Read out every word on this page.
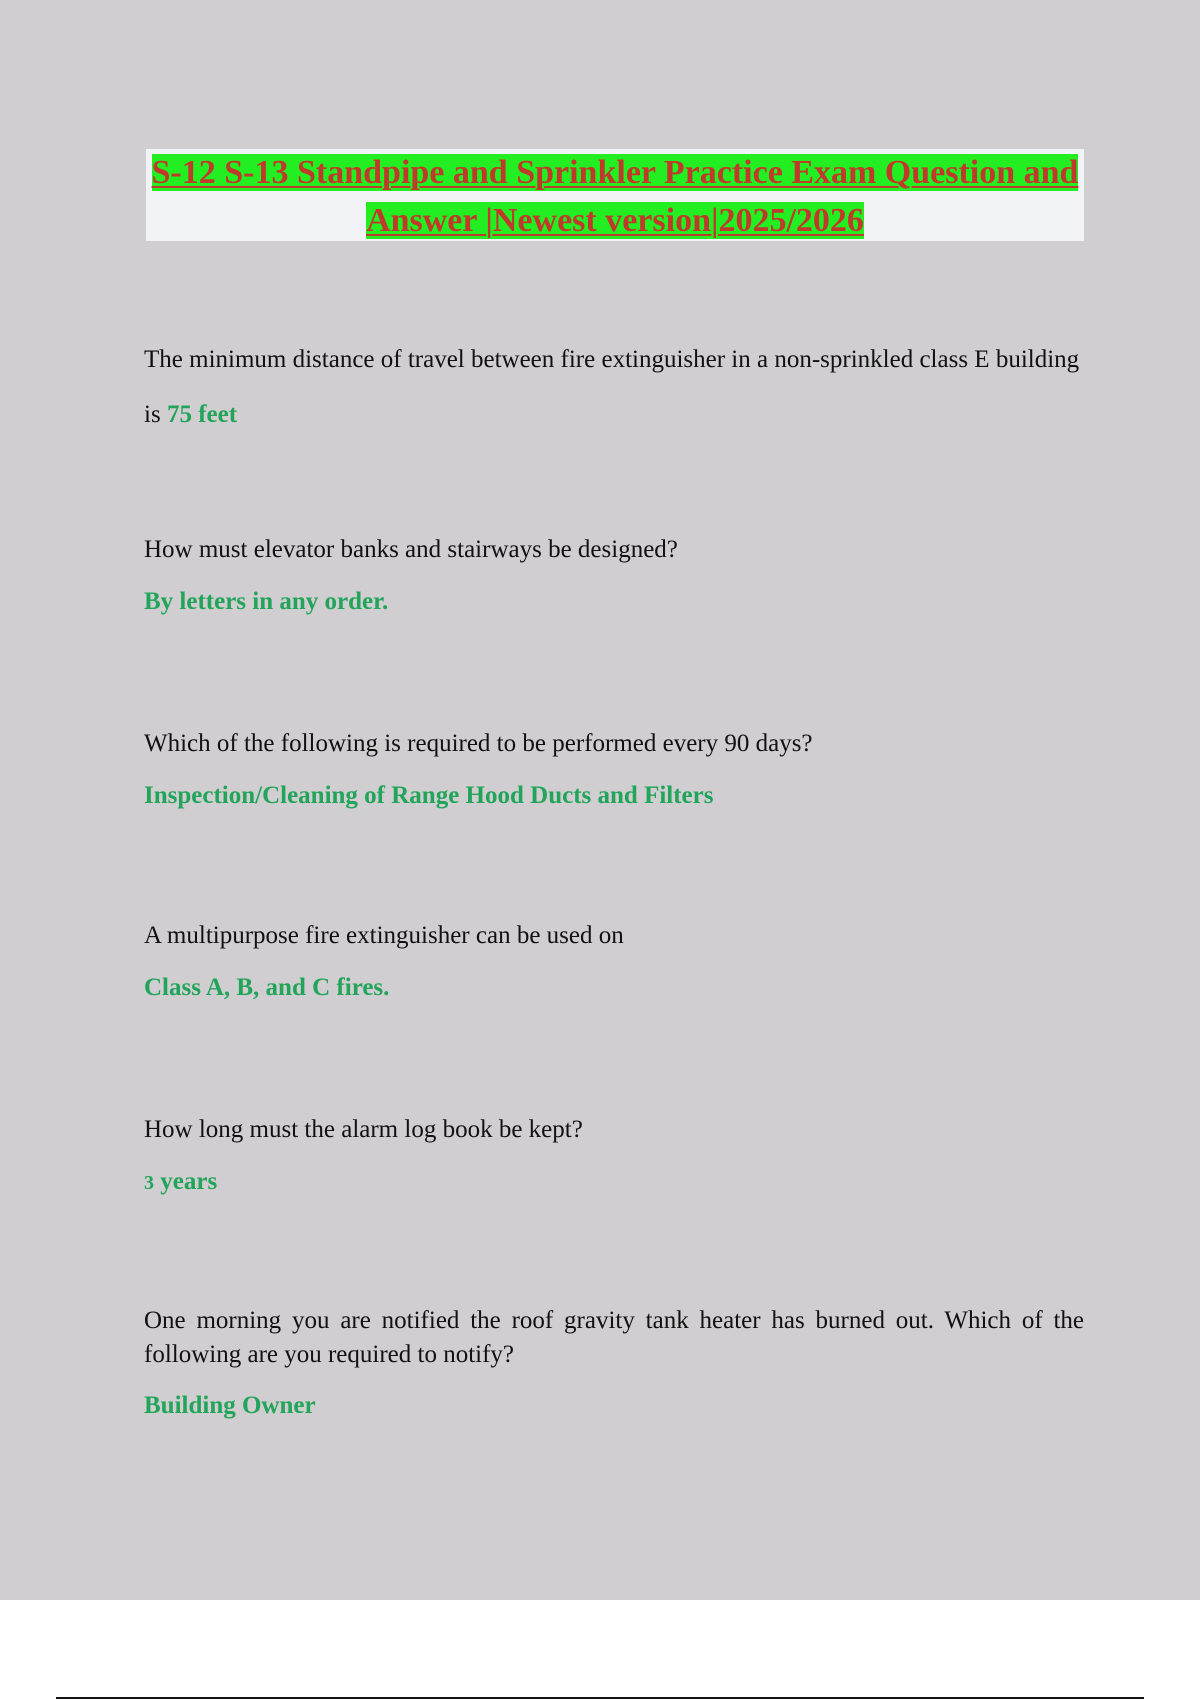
S-12 S-13 Standpipe and Sprinkler Practice Exam Question and Answer |Newest version|2025/2026

The minimum distance of travel between fire extinguisher in a non-sprinkled class E building is 75 feet

How must elevator banks and stairways be designed?

By letters in any order.

Which of the following is required to be performed every 90 days?

Inspection/Cleaning of Range Hood Ducts and Filters

A multipurpose fire extinguisher can be used on

Class A, B, and C fires.

How long must the alarm log book be kept?

3 years

One morning you are notified the roof gravity tank heater has burned out. Which of the following are you required to notify?

Building Owner
